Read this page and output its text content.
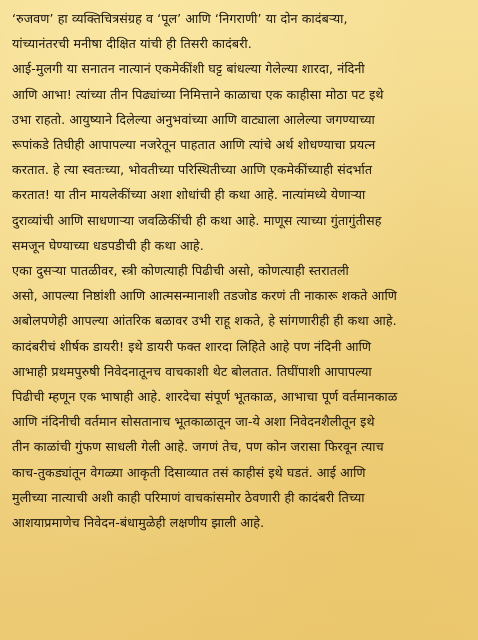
‘रुजवण’ हा व्यक्तिचित्रसंग्रह व ‘पूल’ आणि ‘निगराणी’ या दोन कादंबऱ्या,
यांच्यानंतरची मनीषा दीक्षित यांची ही तिसरी कादंबरी.
आई-मुलगी या सनातन नात्यानं एकमेकींशी घट्ट बांधल्या गेलेल्या शारदा, नंदिनी
आणि आभा! त्यांच्या तीन पिढ्यांच्या निमित्ताने काळाचा एक काहीसा मोठा पट इथे
उभा राहतो. आयुष्याने दिलेल्या अनुभवांच्या आणि वाट्याला आलेल्या जगण्याच्या
रूपांकडे तिघीही आपापल्या नजरेतून पाहतात आणि त्यांचे अर्थ शोधण्याचा प्रयत्न
करतात. हे त्या स्वतःच्या, भोवतीच्या परिस्थितीच्या आणि एकमेकींच्याही संदर्भात
करतात! या तीन मायलेकींच्या अशा शोधांची ही कथा आहे. नात्यांमध्ये येणाऱ्या
दुराव्यांची आणि साधणाऱ्या जवळिकींची ही कथा आहे. माणूस त्याच्या गुंतागुंतीसह
समजून घेण्याच्या धडपडीची ही कथा आहे.
एका दुसऱ्या पातळीवर, स्त्री कोणत्याही पिढीची असो, कोणत्याही स्तरातली
असो, आपल्या निष्ठांशी आणि आत्मसन्मानाशी तडजोड करणं ती नाकारू शकते आणि
अबोलपणेही आपल्या आंतरिक बळावर उभी राहू शकते, हे सांगणारीही ही कथा आहे.
कादंबरीचं शीर्षक डायरी! इथे डायरी फक्त शारदा लिहिते आहे पण नंदिनी आणि
आभाही प्रथमपुरुषी निवेदनातूनच वाचकाशी थेट बोलतात. तिघींपाशी आपापल्या
पिढीची म्हणून एक भाषाही आहे. शारदेचा संपूर्ण भूतकाळ, आभाचा पूर्ण वर्तमानकाळ
आणि नंदिनीची वर्तमान सोसतानाच भूतकाळातून जा-ये अशा निवेदनशैलीतून इथे
तीन काळांची गुंफण साधली गेली आहे. जगणं तेच, पण कोन जरासा फिरवून त्याच
काच-तुकड्यांतून वेगळ्या आकृती दिसाव्यात तसं काहीसं इथे घडतं. आई आणि
मुलीच्या नात्याची अशी काही परिमाणं वाचकांसमोर ठेवणारी ही कादंबरी तिच्या
आशयाप्रमाणेच निवेदन-बंधामुळेही लक्षणीय झाली आहे.
